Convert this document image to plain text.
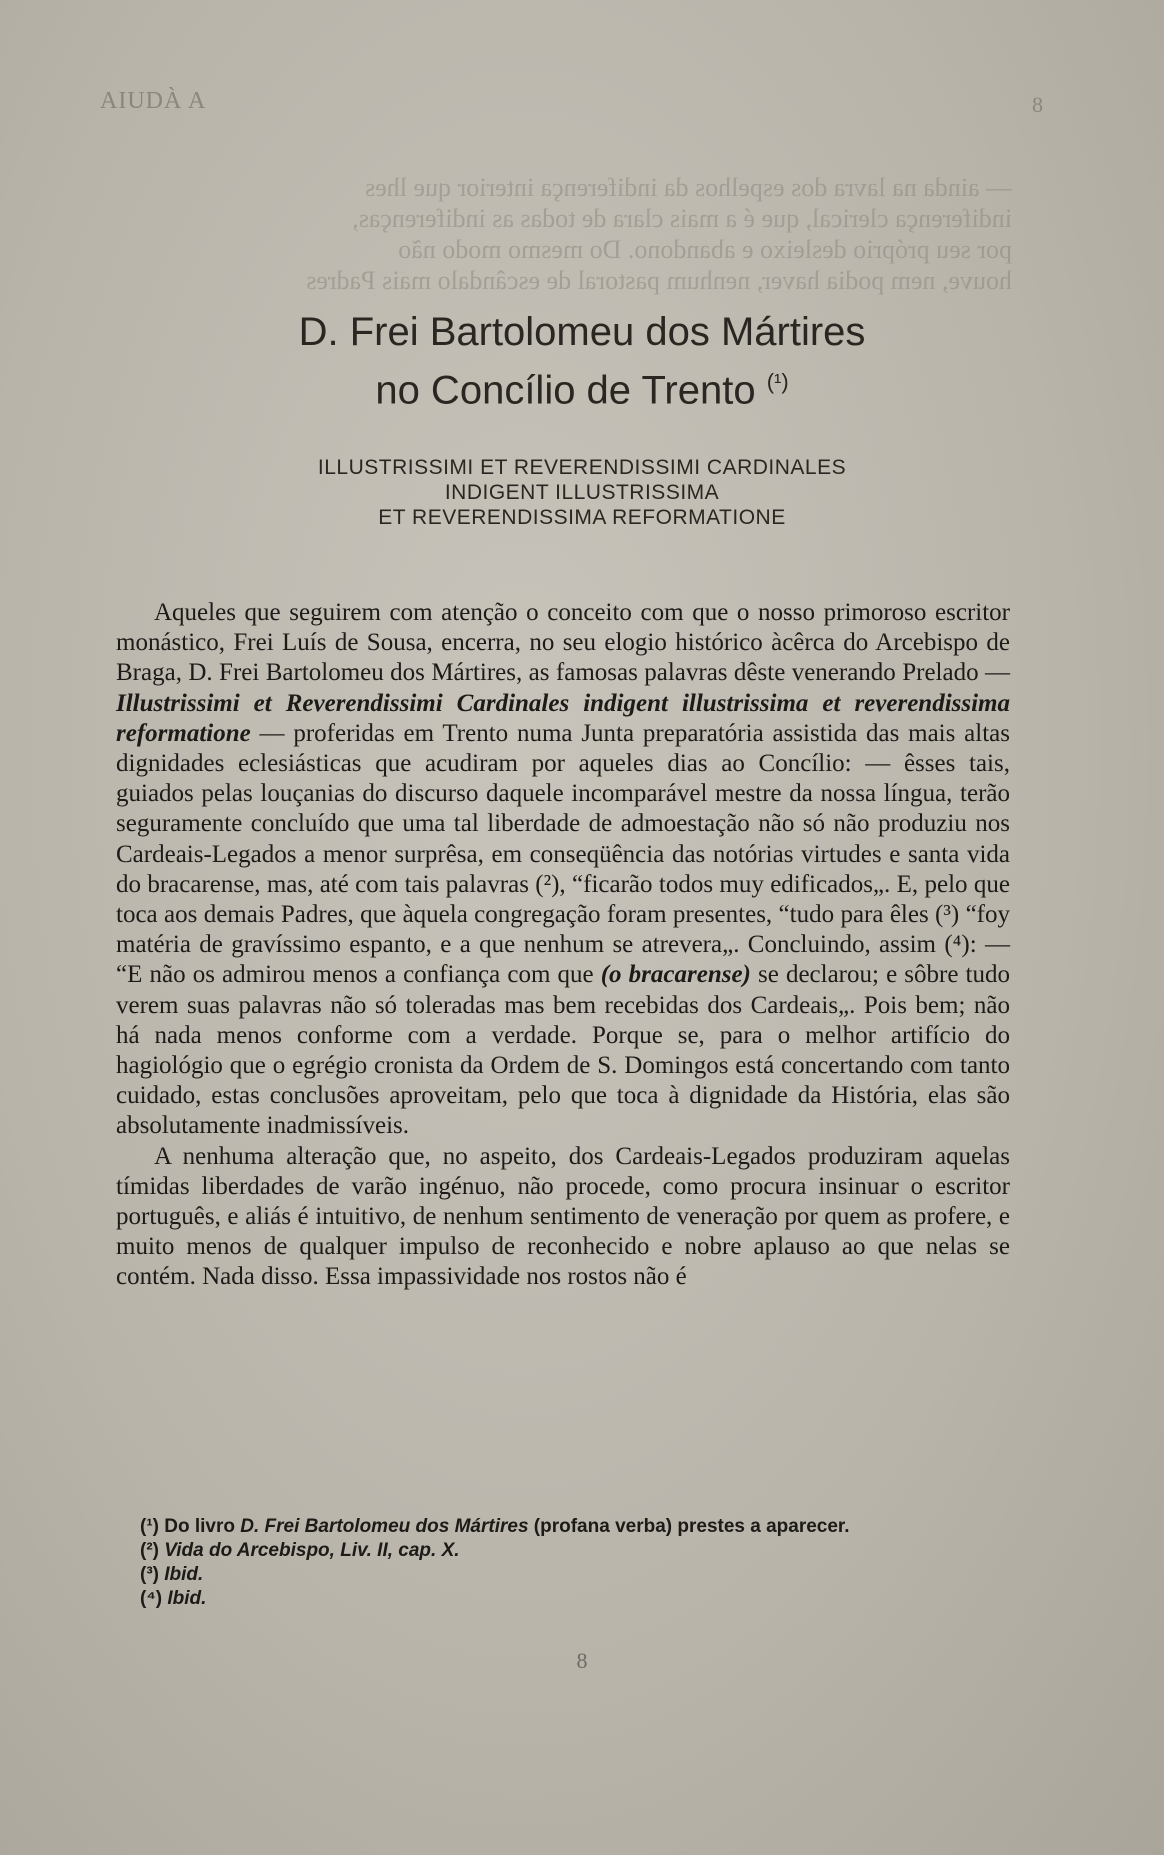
AIUDÀ A	8
— ainda na lavra dos espelhos da indiferença interior que lhes
indiferença clerical, que é a mais clara de todas as indiferenças,
por seu próprio desleixo e abandono. Do mesmo modo não
houve, nem podia haver, nenhum pastoral de escândalo mais Padres
D. Frei Bartolomeu dos Mártires
no Concílio de Trento $^{(^1)}$
ILLUSTRISSIMI ET REVERENDISSIMI CARDINALES
INDIGENT ILLUSTRISSIMA
ET REVERENDISSIMA REFORMATIONE

Aqueles que seguirem com atenção o conceito com que o nosso primoroso escritor monástico, Frei Luís de Sousa, encerra, no seu elogio histórico àcêrca do Arcebispo de Braga, D. Frei Bartolomeu dos Mártires, as famosas palavras dêste venerando Prelado — Illustrissimi et Reverendissimi Cardinales indigent illustrissima et reverendissima reformatione — proferidas em Trento numa Junta preparatória assistida das mais altas dignidades eclesiásticas que acudiram por aqueles dias ao Concílio: — êsses tais, guiados pelas louçanias do discurso daquele incomparável mestre da nossa língua, terão seguramente concluído que uma tal liberdade de admoestação não só não produziu nos Cardeais-Legados a menor surprêsa, em conseqüência das notórias virtudes e santa vida do bracarense, mas, até com tais palavras (²), “ficarão todos muy edificados„. E, pelo que toca aos demais Padres, que àquela congregação foram presentes, “tudo para êles (³) “foy matéria de gravíssimo espanto, e a que nenhum se atrevera„. Concluindo, assim (⁴): — “E não os admirou menos a confiança com que (o bracarense) se declarou; e sôbre tudo verem suas palavras não só toleradas mas bem recebidas dos Cardeais„. Pois bem; não há nada menos conforme com a verdade. Porque se, para o melhor artifício do hagiológio que o egrégio cronista da Ordem de S. Domingos está concertando com tanto cuidado, estas conclusões aproveitam, pelo que toca à dignidade da História, elas são absolutamente inadmissíveis.

A nenhuma alteração que, no aspeito, dos Cardeais-Legados produziram aquelas tímidas liberdades de varão ingénuo, não procede, como procura insinuar o escritor português, e aliás é intuitivo, de nenhum sentimento de veneração por quem as profere, e muito menos de qualquer impulso de reconhecido e nobre aplauso ao que nelas se contém. Nada disso. Essa impassividade nos rostos não é

(¹) Do livro D. Frei Bartolomeu dos Mártires (profana verba) prestes a aparecer.
(²) Vida do Arcebispo, Liv. II, cap. X.
(³) Ibid.
(⁴) Ibid.
8
